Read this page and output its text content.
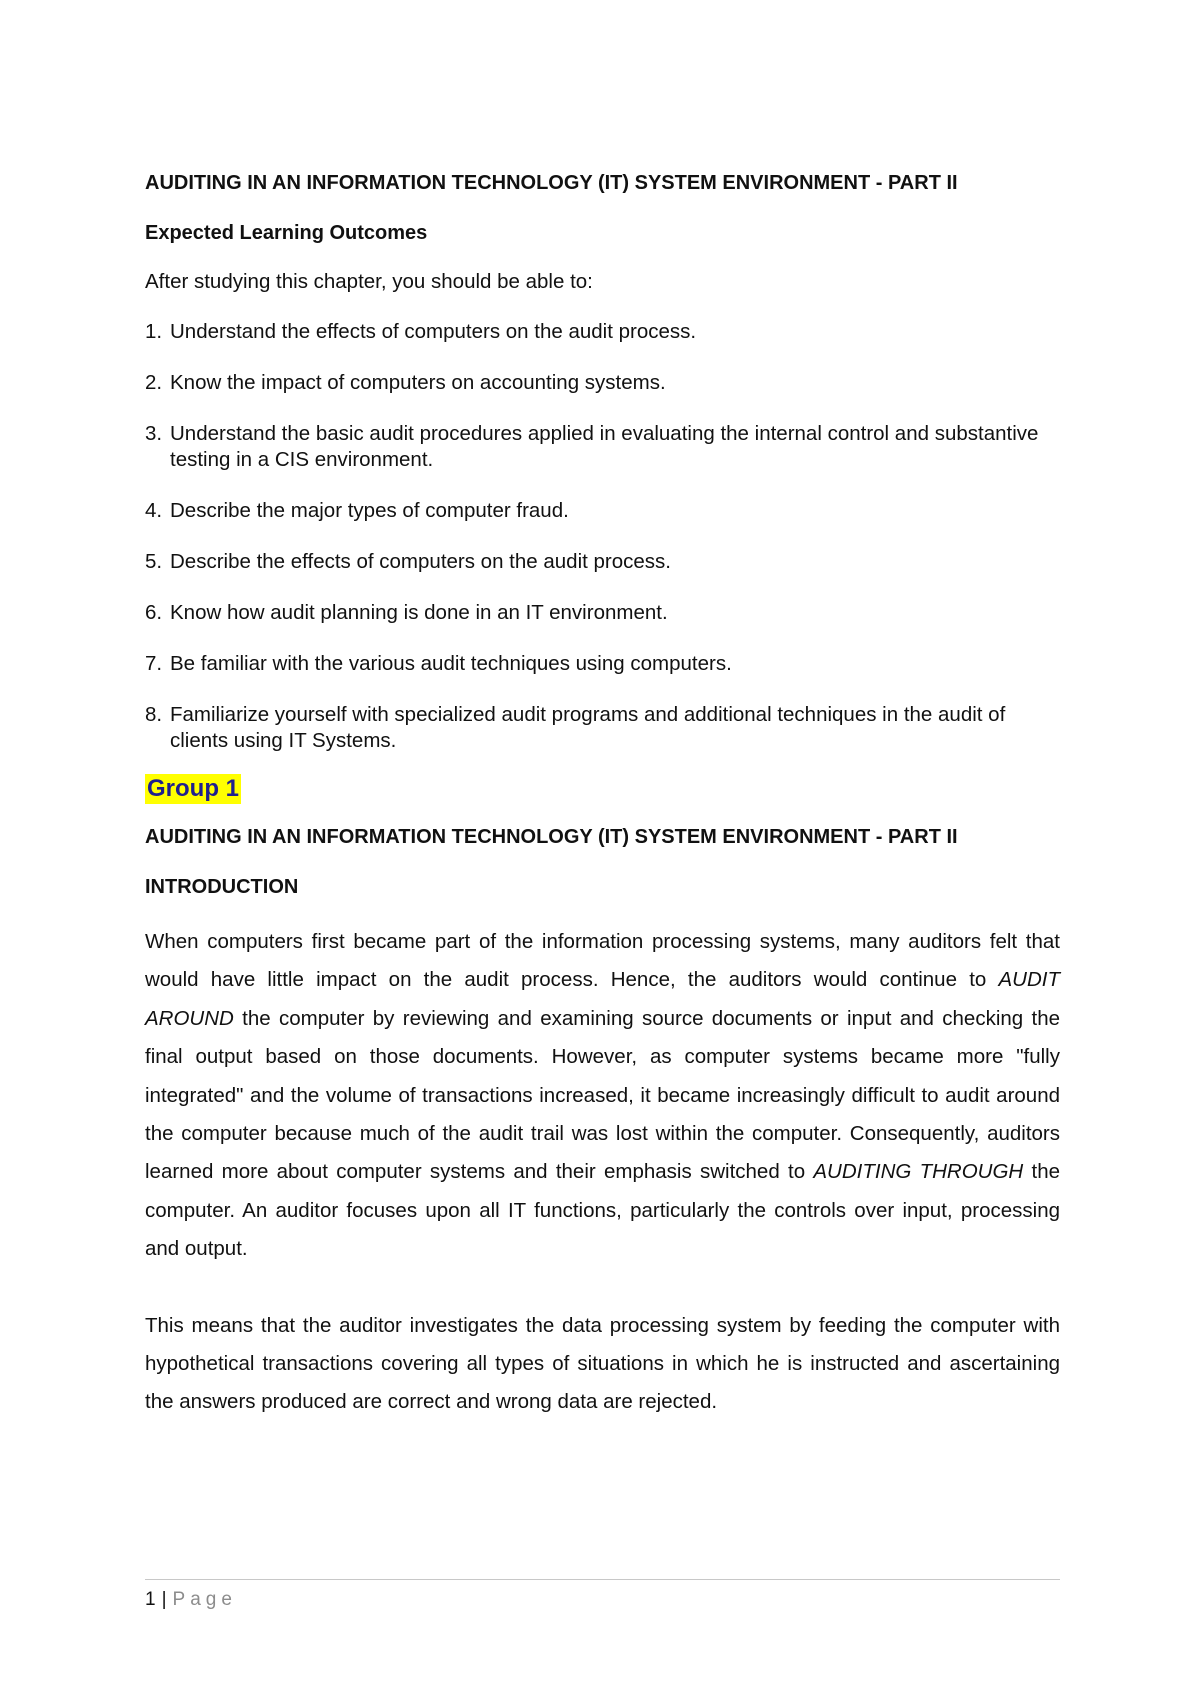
AUDITING IN AN INFORMATION TECHNOLOGY (IT) SYSTEM ENVIRONMENT - PART II
Expected Learning Outcomes
After studying this chapter, you should be able to:
1. Understand the effects of computers on the audit process.
2. Know the impact of computers on accounting systems.
3. Understand the basic audit procedures applied in evaluating the internal control and substantive testing in a CIS environment.
4. Describe the major types of computer fraud.
5. Describe the effects of computers on the audit process.
6. Know how audit planning is done in an IT environment.
7. Be familiar with the various audit techniques using computers.
8. Familiarize yourself with specialized audit programs and additional techniques in the audit of clients using IT Systems.
Group 1
AUDITING IN AN INFORMATION TECHNOLOGY (IT) SYSTEM ENVIRONMENT - PART II
INTRODUCTION

When computers first became part of the information processing systems, many auditors felt that would have little impact on the audit process. Hence, the auditors would continue to AUDIT AROUND the computer by reviewing and examining source documents or input and checking the final output based on those documents. However, as computer systems became more "fully integrated" and the volume of transactions increased, it became increasingly difficult to audit around the computer because much of the audit trail was lost within the computer. Consequently, auditors learned more about computer systems and their emphasis switched to AUDITING THROUGH the computer. An auditor focuses upon all IT functions, particularly the controls over input, processing and output.

This means that the auditor investigates the data processing system by feeding the computer with hypothetical transactions covering all types of situations in which he is instructed and ascertaining the answers produced are correct and wrong data are rejected.

1 | Page
